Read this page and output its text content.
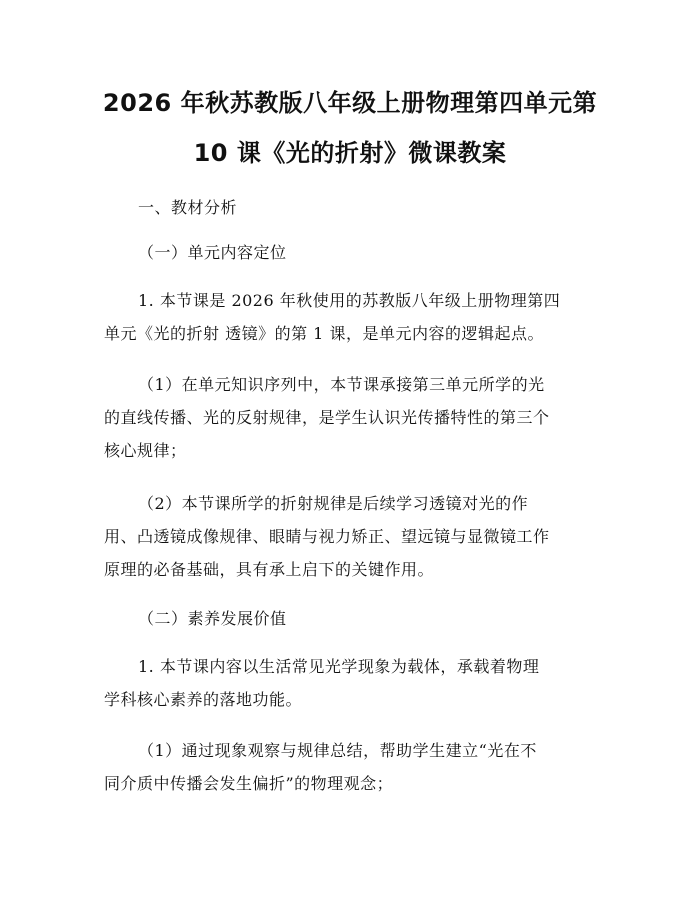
2026 年秋苏教版八年级上册物理第四单元第
10 课《光的折射》微课教案
一、教材分析
（一）单元内容定位
1. 本节课是 2026 年秋使用的苏教版八年级上册物理第四
单元《光的折射 透镜》的第 1 课，是单元内容的逻辑起点。
（1）在单元知识序列中，本节课承接第三单元所学的光
的直线传播、光的反射规律，是学生认识光传播特性的第三个
核心规律；
（2）本节课所学的折射规律是后续学习透镜对光的作
用、凸透镜成像规律、眼睛与视力矫正、望远镜与显微镜工作
原理的必备基础，具有承上启下的关键作用。
（二）素养发展价值
1. 本节课内容以生活常见光学现象为载体，承载着物理
学科核心素养的落地功能。
（1）通过现象观察与规律总结，帮助学生建立“光在不
同介质中传播会发生偏折”的物理观念；
